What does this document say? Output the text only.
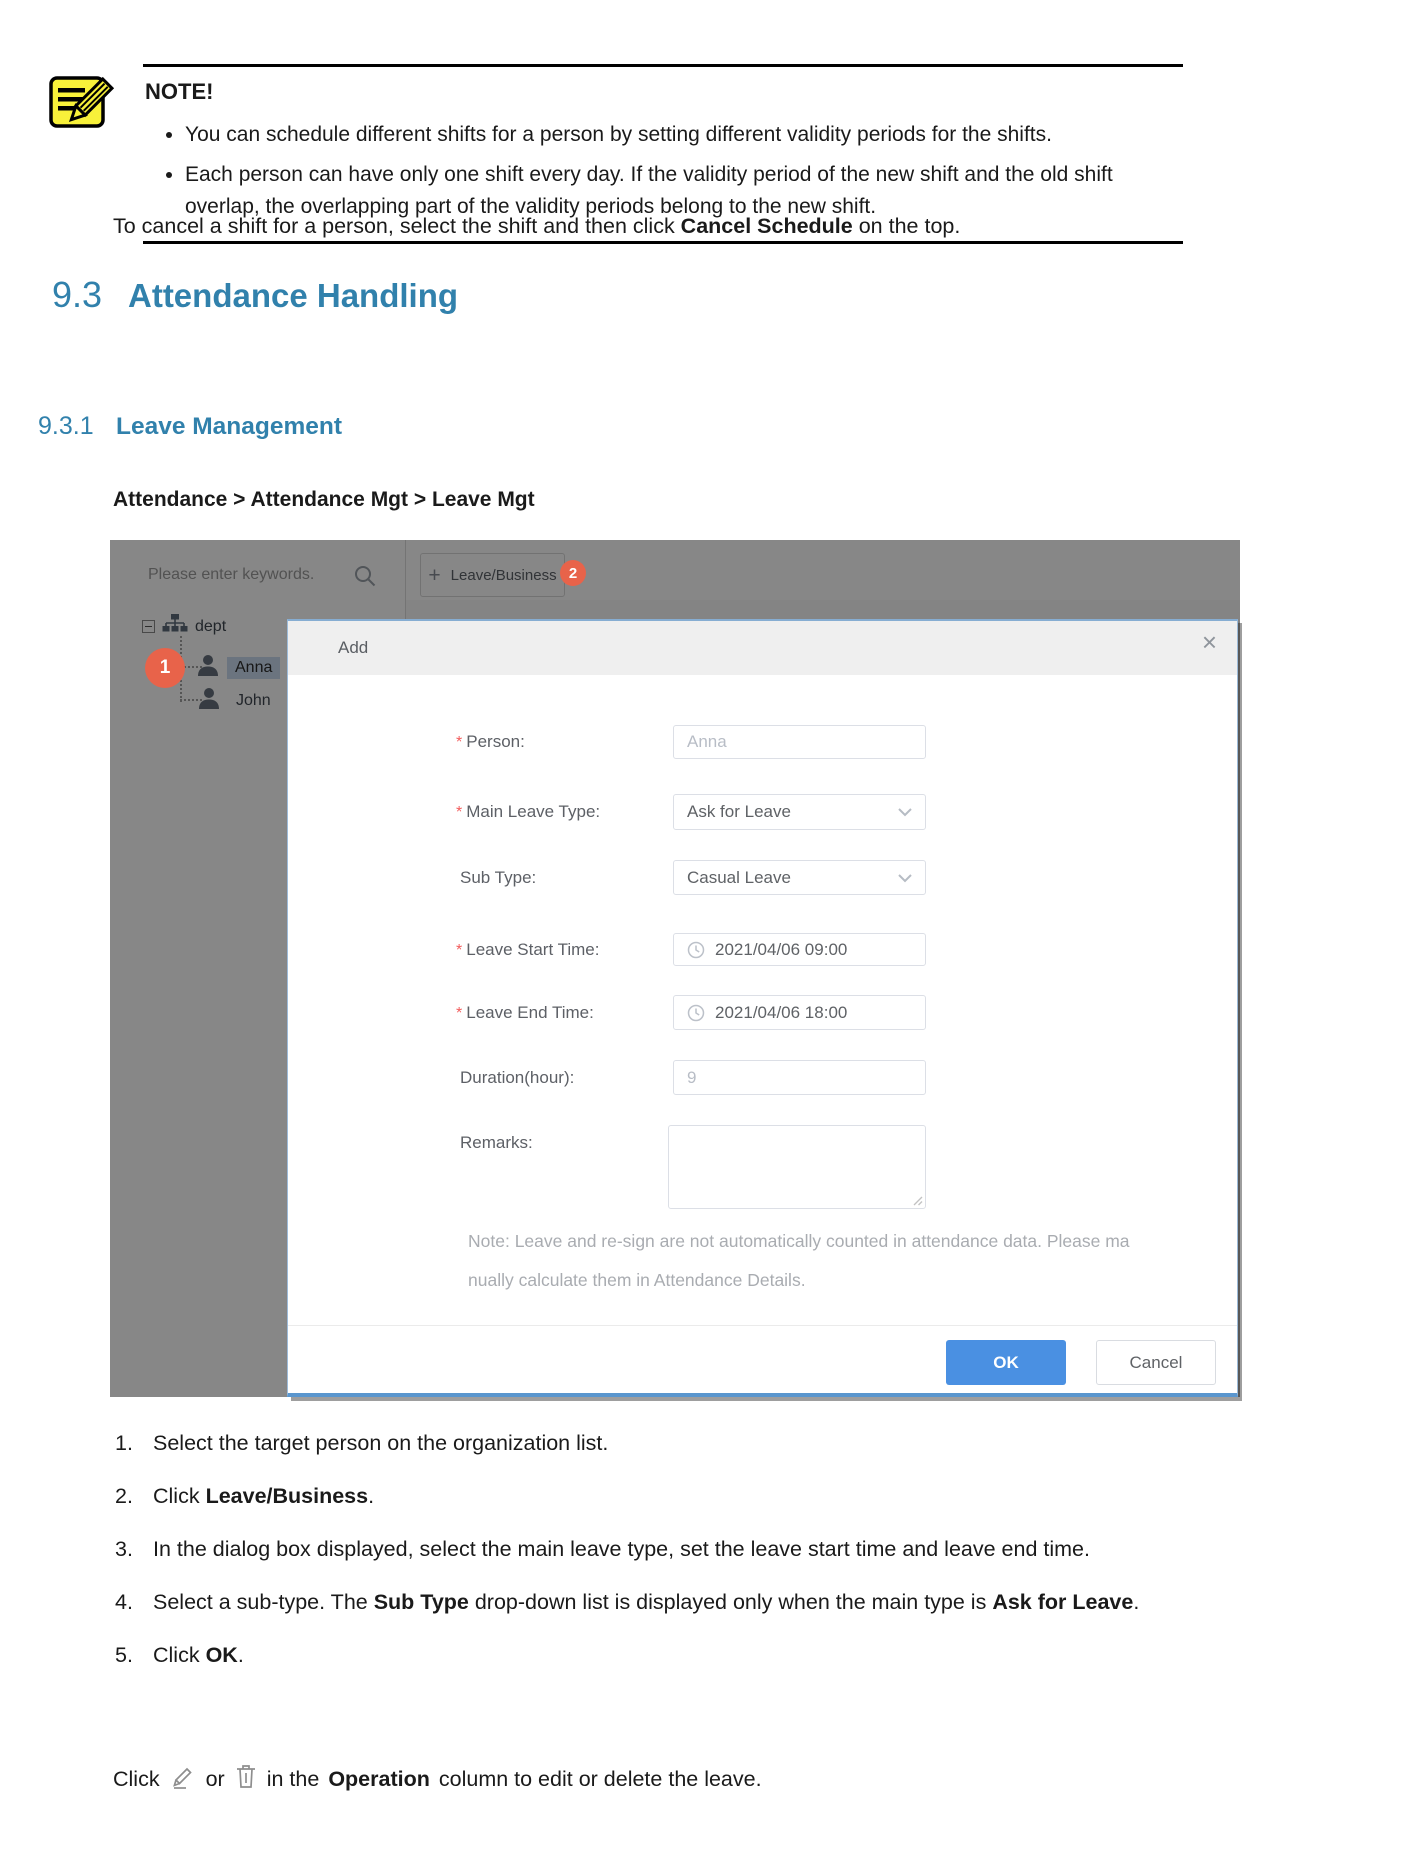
NOTE!
• You can schedule different shifts for a person by setting different validity periods for the shifts.
• Each person can have only one shift every day. If the validity period of the new shift and the old shift overlap, the overlapping part of the validity periods belong to the new shift.
To cancel a shift for a person, select the shift and then click Cancel Schedule on the top.
9.3 Attendance Handling
9.3.1 Leave Management
Attendance > Attendance Mgt > Leave Mgt
Please enter keywords.	+ Leave/Business 2
dept
Anna
John
1
Add	×
* Person:	Anna
* Main Leave Type:	Ask for Leave
Sub Type:	Casual Leave
* Leave Start Time:	2021/04/06 09:00
* Leave End Time:	2021/04/06 18:00
Duration(hour):	9
Remarks:
Note: Leave and re-sign are not automatically counted in attendance data. Please ma
nually calculate them in Attendance Details.
OK	Cancel
1. Select the target person on the organization list.
2. Click Leave/Business.
3. In the dialog box displayed, select the main leave type, set the leave start time and leave end time.
4. Select a sub-type. The Sub Type drop-down list is displayed only when the main type is Ask for Leave.
5. Click OK.
Click or in the Operation column to edit or delete the leave.
